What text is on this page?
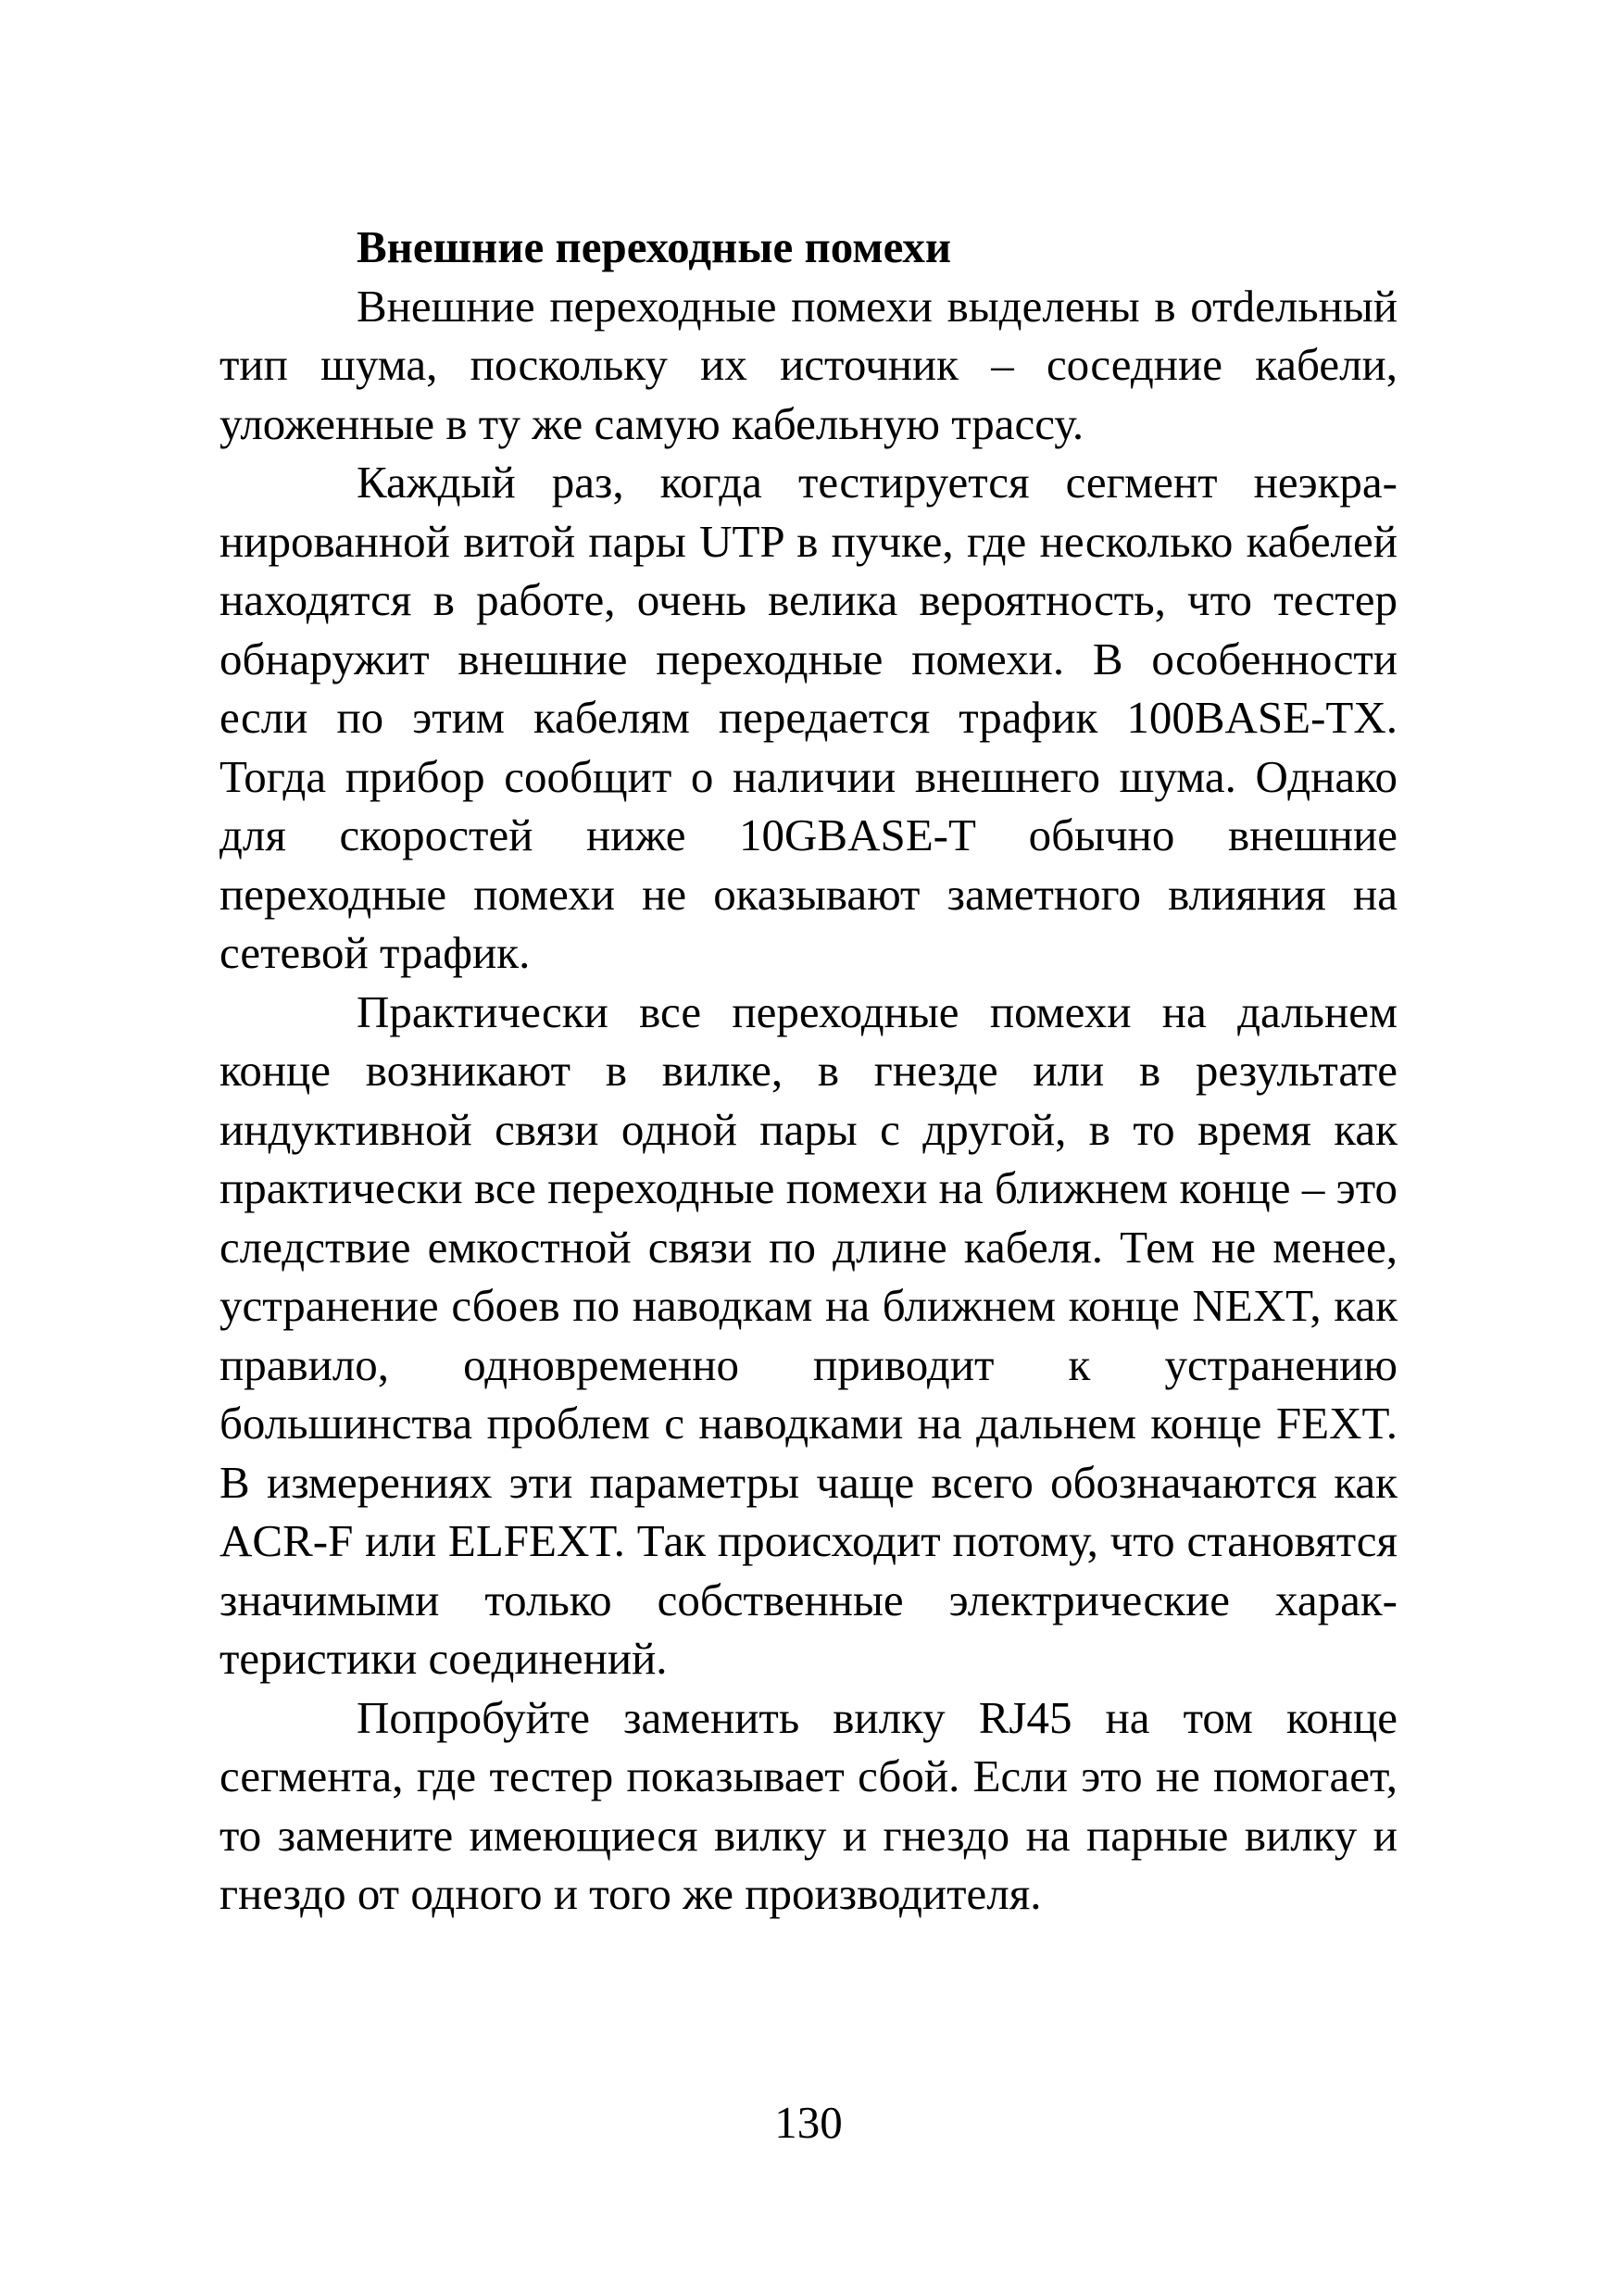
Внешние переходные помехи

Внешние переходные помехи выделены в отdельный тип шума, поскольку их источник – соседние кабели, уложенные в ту же самую кабельную трассу.

Каждый раз, когда тестируется сегмент неэкранированной витой пары UTP в пучке, где несколько кабелей находятся в работе, очень велика вероятность, что тестер обнаружит внешние переходные помехи. В особенности если по этим кабелям передается трафик 100BASE-TX. Тогда прибор сообщит о наличии внешнего шума. Однако для скоростей ниже 10GBASE-T обычно внешние переходные помехи не оказывают заметного влияния на сетевой трафик.

Практически все переходные помехи на дальнем конце возникают в вилке, в гнезде или в результате индуктивной связи одной пары с другой, в то время как практически все переходные помехи на ближнем конце – это следствие емкостной связи по длине кабеля. Тем не менее, устранение сбоев по наводкам на ближнем конце NEXT, как правило, одновременно приводит к устранению большинства проблем с наводками на дальнем конце FEXT. В измерениях эти параметры чаще всего обозначаются как ACR-F или ELFEXT. Так происходит потому, что становятся значимыми только собственные электрические характеристики соединений.

Попробуйте заменить вилку RJ45 на том конце сегмента, где тестер показывает сбой. Если это не помогает, то замените имеющиеся вилку и гнездо на парные вилку и гнездо от одного и того же производителя.

130
